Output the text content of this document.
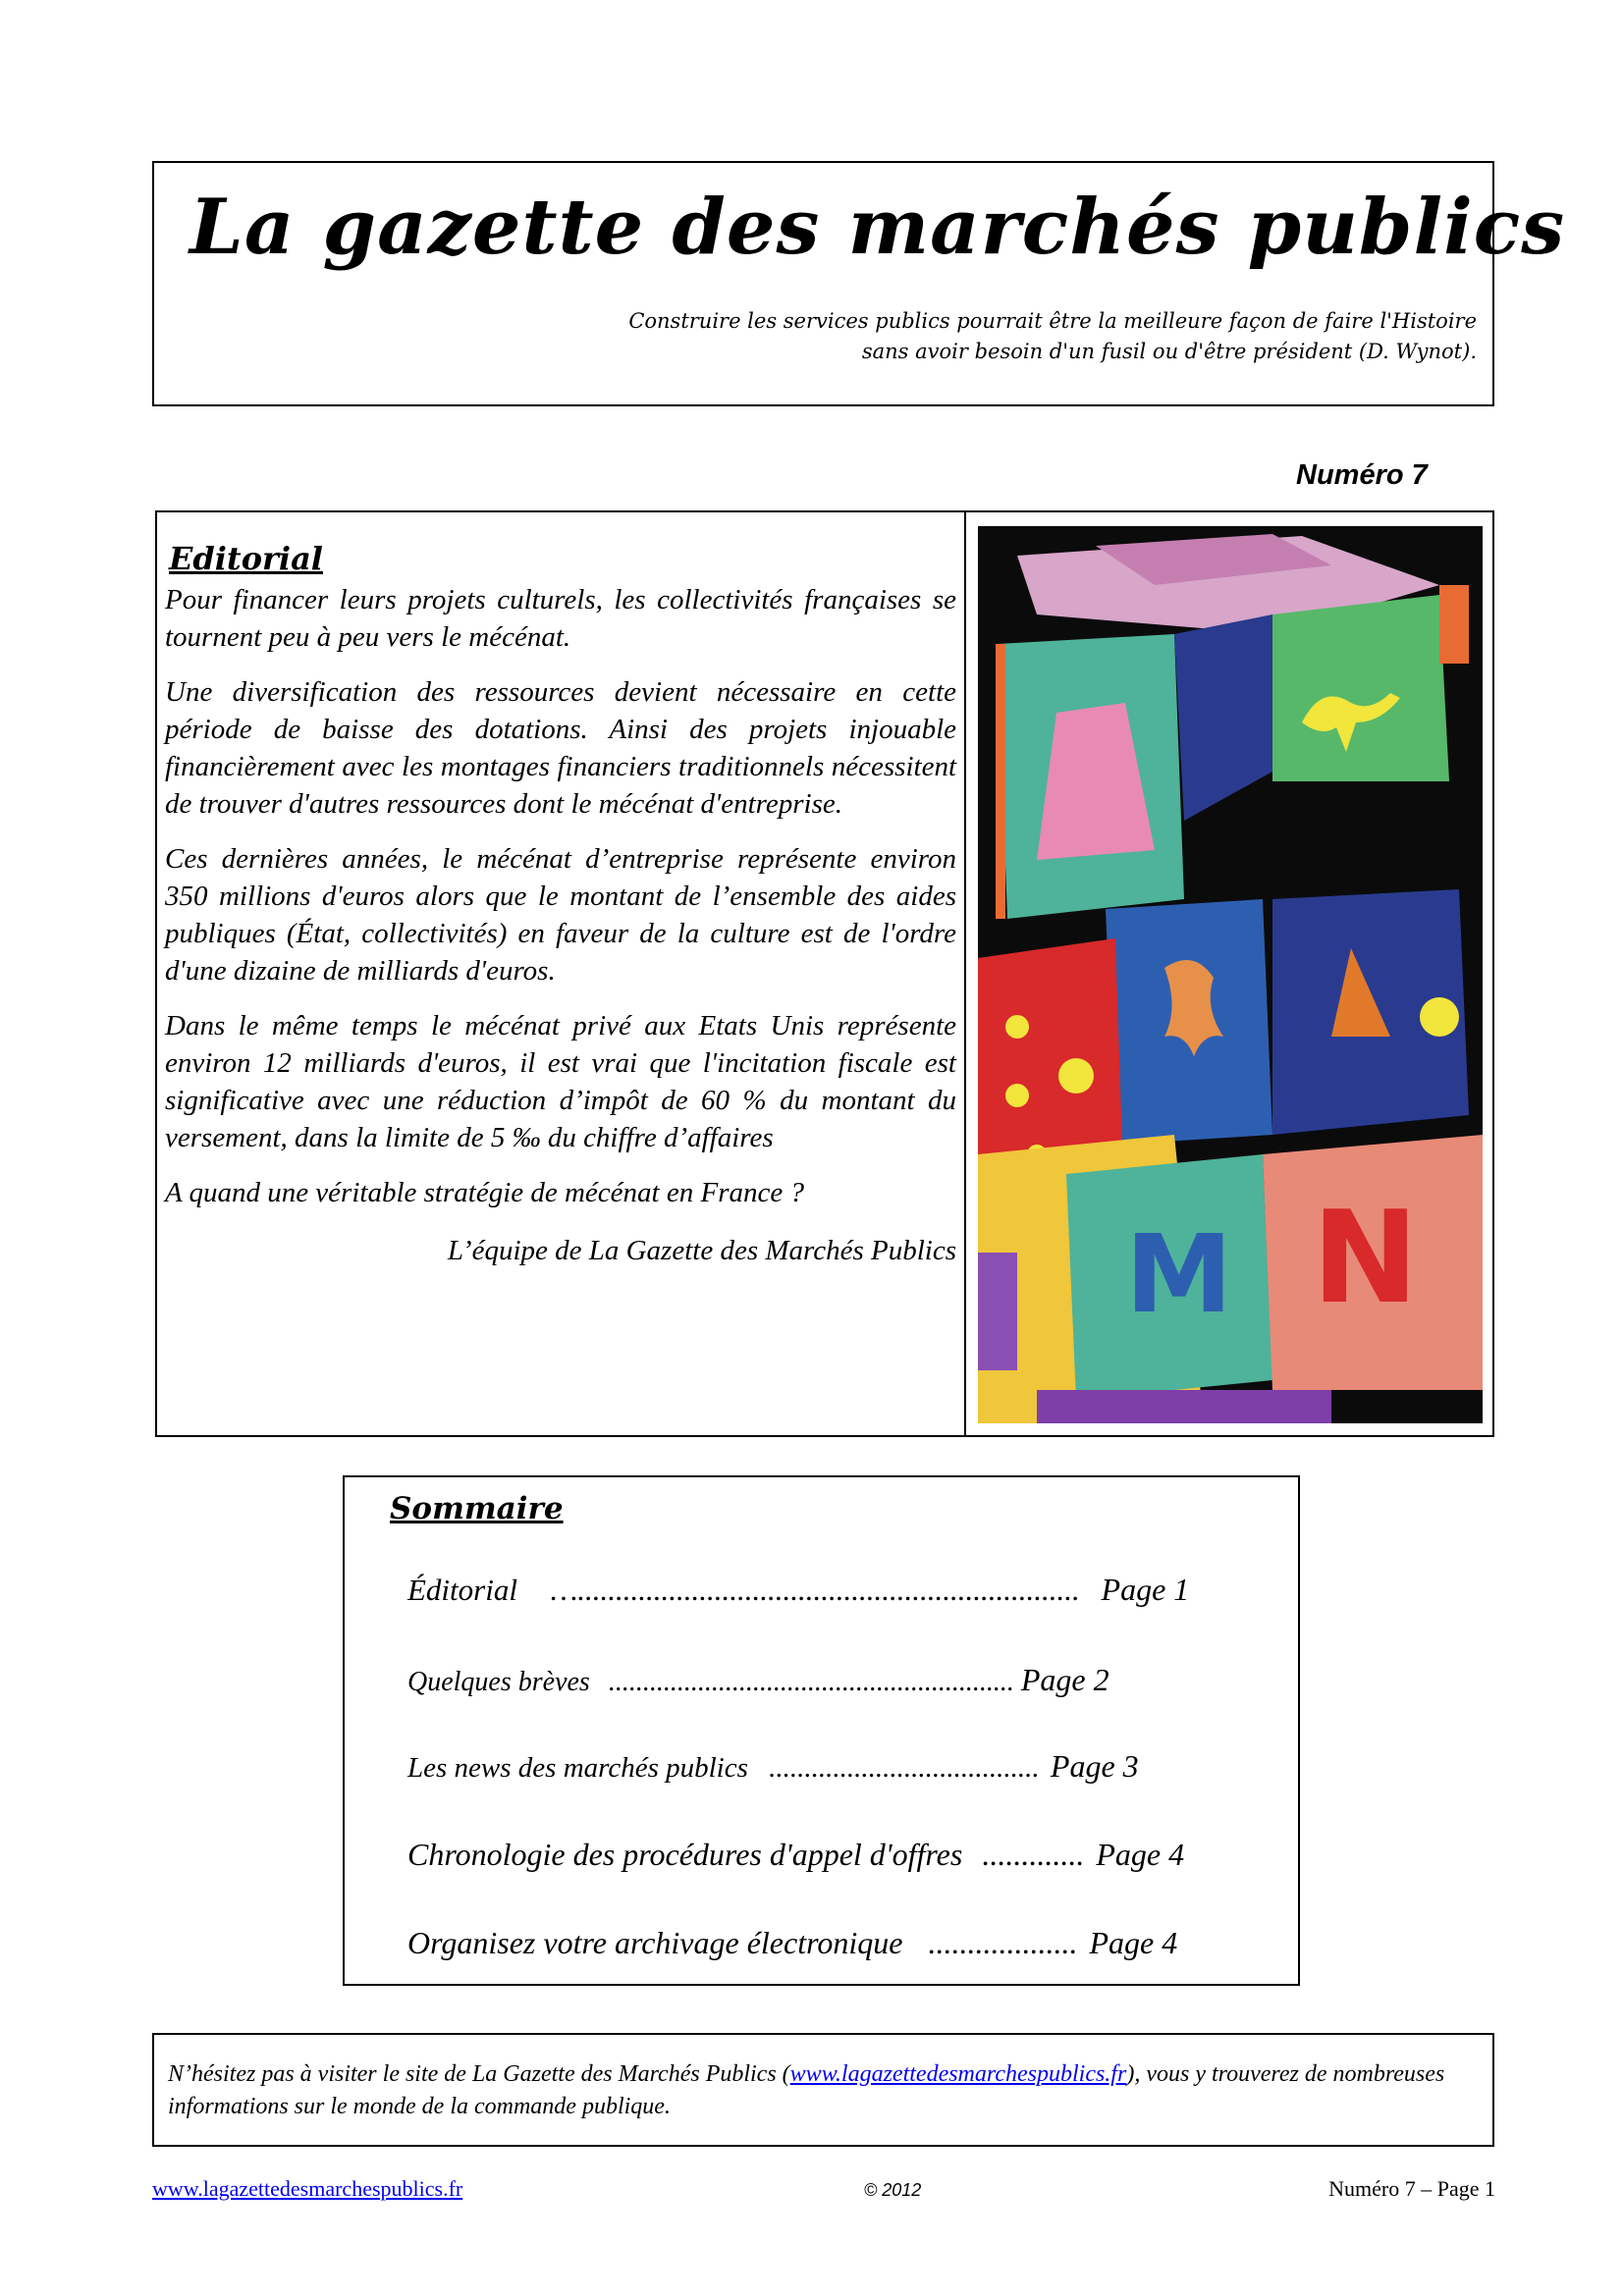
La gazette des marchés publics
Construire les services publics pourrait être la meilleure façon de faire l'Histoire
sans avoir besoin d'un fusil ou d'être président (D. Wynot).
Numéro 7
Editorial

Pour financer leurs projets culturels, les collectivités françaises se tournent peu à peu vers le mécénat.

Une diversification des ressources devient nécessaire en cette période de baisse des dotations. Ainsi des projets injouable financièrement avec les montages financiers traditionnels nécessitent de trouver d'autres ressources dont le mécénat d'entreprise.

Ces dernières années, le mécénat d’entreprise représente environ 350 millions d'euros alors que le montant de l’ensemble des aides publiques (État, collectivités) en faveur de la culture est de l'ordre d'une dizaine de milliards d'euros.

Dans le même temps le mécénat privé aux Etats Unis représente environ 12 milliards d'euros, il est vrai que l'incitation fiscale est significative avec une réduction d’impôt de 60 % du montant du versement, dans la limite de 5 ‰ du chiffre d’affaires

A quand une véritable stratégie de mécénat en France ?

L’équipe de La Gazette des Marchés Publics M N
Sommaire
Éditorial ….................................................................. Page 1
Quelques brèves ........................................................... Page 2
Les news des marchés publics ...................................... Page 3
Chronologie des procédures d'appel d'offres ............. Page 4
Organisez votre archivage électronique ................... Page 4
N’hésitez pas à visiter le site de La Gazette des Marchés Publics (www.lagazettedesmarchespublics.fr), vous y trouverez de nombreuses informations sur le monde de la commande publique.
www.lagazettedesmarchespublics.fr	© 2012	Numéro 7 – Page 1
